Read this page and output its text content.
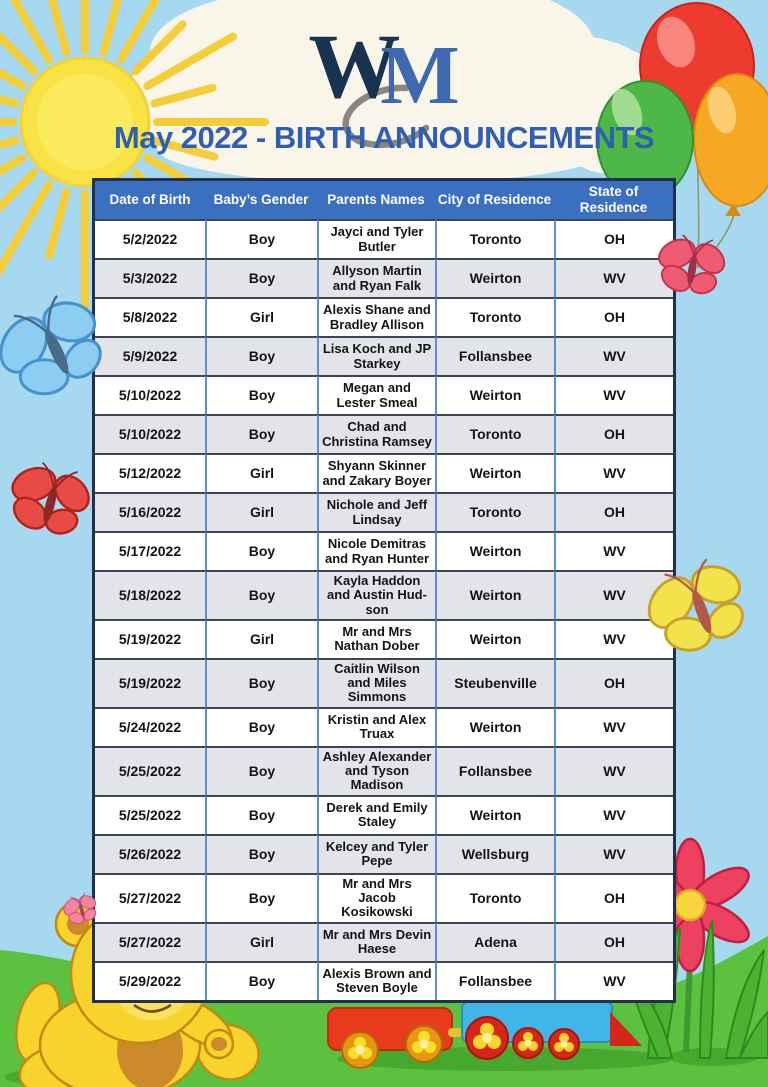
WM
May 2022 - BIRTH ANNOUNCEMENTS
Date of Birth	Baby’s Gender	Parents Names	City of Residence	State of Residence
5/2/2022	Boy	Jayci and Tyler Butler	Toronto	OH
5/3/2022	Boy	Allyson Martin and Ryan Falk	Weirton	WV
5/8/2022	Girl	Alexis Shane and Bradley Allison	Toronto	OH
5/9/2022	Boy	Lisa Koch and JP Starkey	Follansbee	WV
5/10/2022	Boy	Megan and Lester Smeal	Weirton	WV
5/10/2022	Boy	Chad and Christina Ramsey	Toronto	OH
5/12/2022	Girl	Shyann Skinner and Zakary Boyer	Weirton	WV
5/16/2022	Girl	Nichole and Jeff Lindsay	Toronto	OH
5/17/2022	Boy	Nicole Demitras and Ryan Hunter	Weirton	WV
5/18/2022	Boy	Kayla Haddon and Austin Hud-son	Weirton	WV
5/19/2022	Girl	Mr and Mrs Nathan Dober	Weirton	WV
5/19/2022	Boy	Caitlin Wilson and Miles Simmons	Steubenville	OH
5/24/2022	Boy	Kristin and Alex Truax	Weirton	WV
5/25/2022	Boy	Ashley Alexander and Tyson Madison	Follansbee	WV
5/25/2022	Boy	Derek and Emily Staley	Weirton	WV
5/26/2022	Boy	Kelcey and Tyler Pepe	Wellsburg	WV
5/27/2022	Boy	Mr and Mrs Jacob Kosikowski	Toronto	OH
5/27/2022	Girl	Mr and Mrs Devin Haese	Adena	OH
5/29/2022	Boy	Alexis Brown and Steven Boyle	Follansbee	WV
